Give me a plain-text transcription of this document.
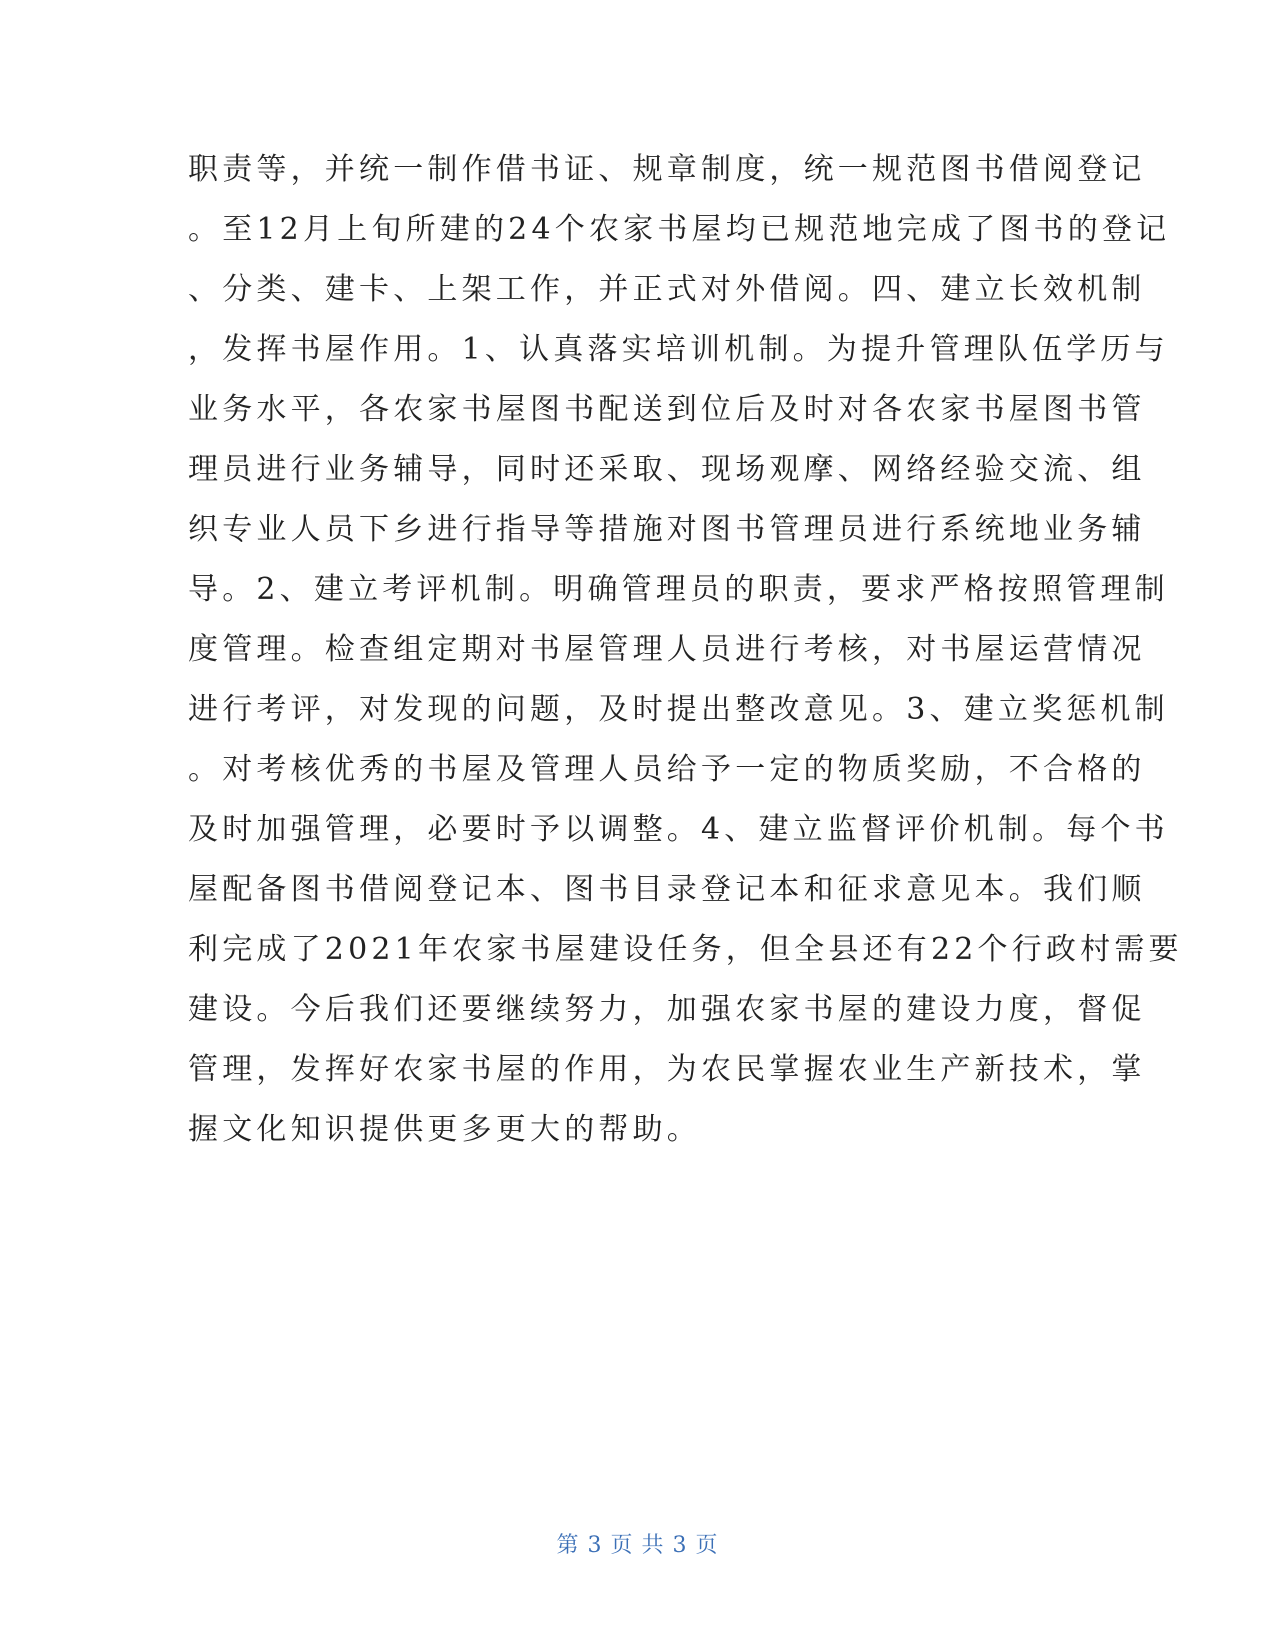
职责等，并统一制作借书证、规章制度，统一规范图书借阅登记
。至12月上旬所建的24个农家书屋均已规范地完成了图书的登记
、分类、建卡、上架工作，并正式对外借阅。四、建立长效机制
，发挥书屋作用。1、认真落实培训机制。为提升管理队伍学历与
业务水平，各农家书屋图书配送到位后及时对各农家书屋图书管
理员进行业务辅导，同时还采取、现场观摩、网络经验交流、组
织专业人员下乡进行指导等措施对图书管理员进行系统地业务辅
导。2、建立考评机制。明确管理员的职责，要求严格按照管理制
度管理。检查组定期对书屋管理人员进行考核，对书屋运营情况
进行考评，对发现的问题，及时提出整改意见。3、建立奖惩机制
。对考核优秀的书屋及管理人员给予一定的物质奖励，不合格的
及时加强管理，必要时予以调整。4、建立监督评价机制。每个书
屋配备图书借阅登记本、图书目录登记本和征求意见本。我们顺
利完成了2021年农家书屋建设任务，但全县还有22个行政村需要
建设。今后我们还要继续努力，加强农家书屋的建设力度，督促
管理，发挥好农家书屋的作用，为农民掌握农业生产新技术，掌
握文化知识提供更多更大的帮助。
第 3 页 共 3 页
